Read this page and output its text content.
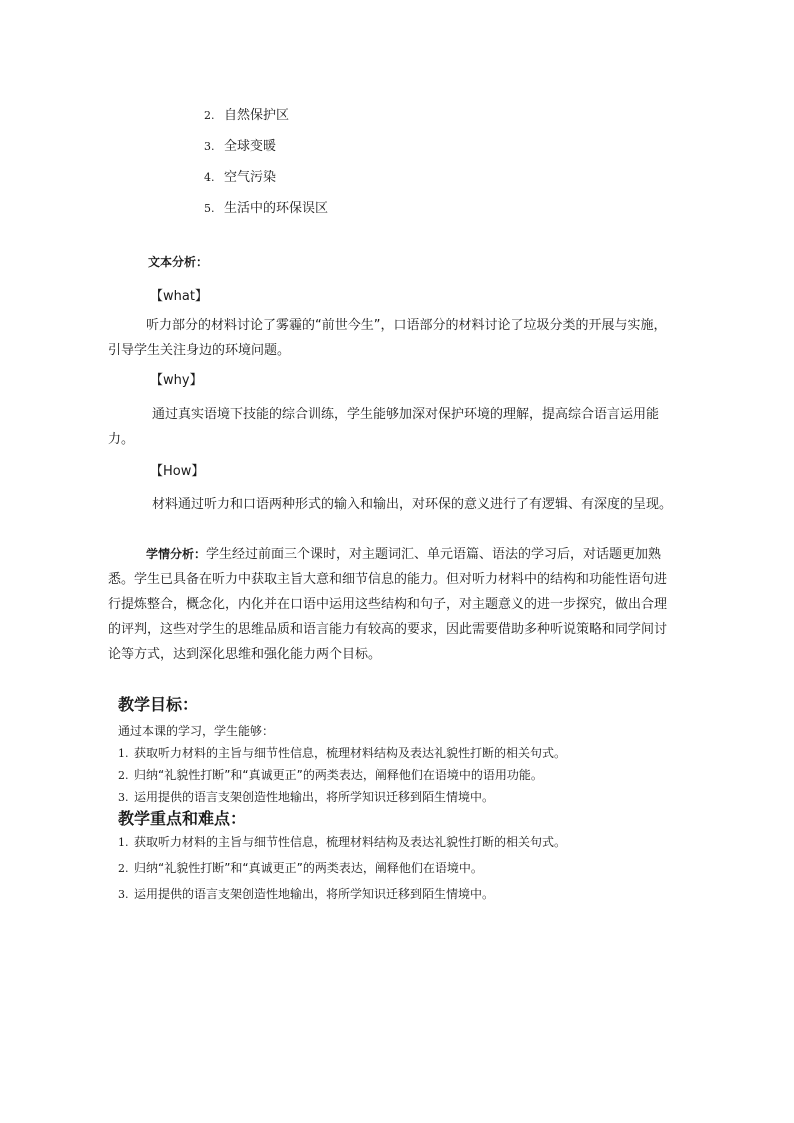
2. 自然保护区
3. 全球变暖
4. 空气污染
5. 生活中的环保误区
文本分析：
【what】
听力部分的材料讨论了雾霾的“前世今生”，口语部分的材料讨论了垃圾分类的开展与实施，引导学生关注身边的环境问题。
【why】
通过真实语境下技能的综合训练，学生能够加深对保护环境的理解，提高综合语言运用能力。
【How】
材料通过听力和口语两种形式的输入和输出，对环保的意义进行了有逻辑、有深度的呈现。
学情分析：学生经过前面三个课时，对主题词汇、单元语篇、语法的学习后，对话题更加熟悉。学生已具备在听力中获取主旨大意和细节信息的能力。但对听力材料中的结构和功能性语句进行提炼整合，概念化，内化并在口语中运用这些结构和句子，对主题意义的进一步探究，做出合理的评判，这些对学生的思维品质和语言能力有较高的要求，因此需要借助多种听说策略和同学间讨论等方式，达到深化思维和强化能力两个目标。
教学目标：
通过本课的学习，学生能够：
1. 获取听力材料的主旨与细节性信息，梳理材料结构及表达礼貌性打断的相关句式。
2. 归纳“礼貌性打断”和“真诚更正”的两类表达，阐释他们在语境中的语用功能。
3. 运用提供的语言支架创造性地输出，将所学知识迁移到陌生情境中。
教学重点和难点：
1. 获取听力材料的主旨与细节性信息，梳理材料结构及表达礼貌性打断的相关句式。
2. 归纳“礼貌性打断”和“真诚更正”的两类表达，阐释他们在语境中。
3. 运用提供的语言支架创造性地输出，将所学知识迁移到陌生情境中。
